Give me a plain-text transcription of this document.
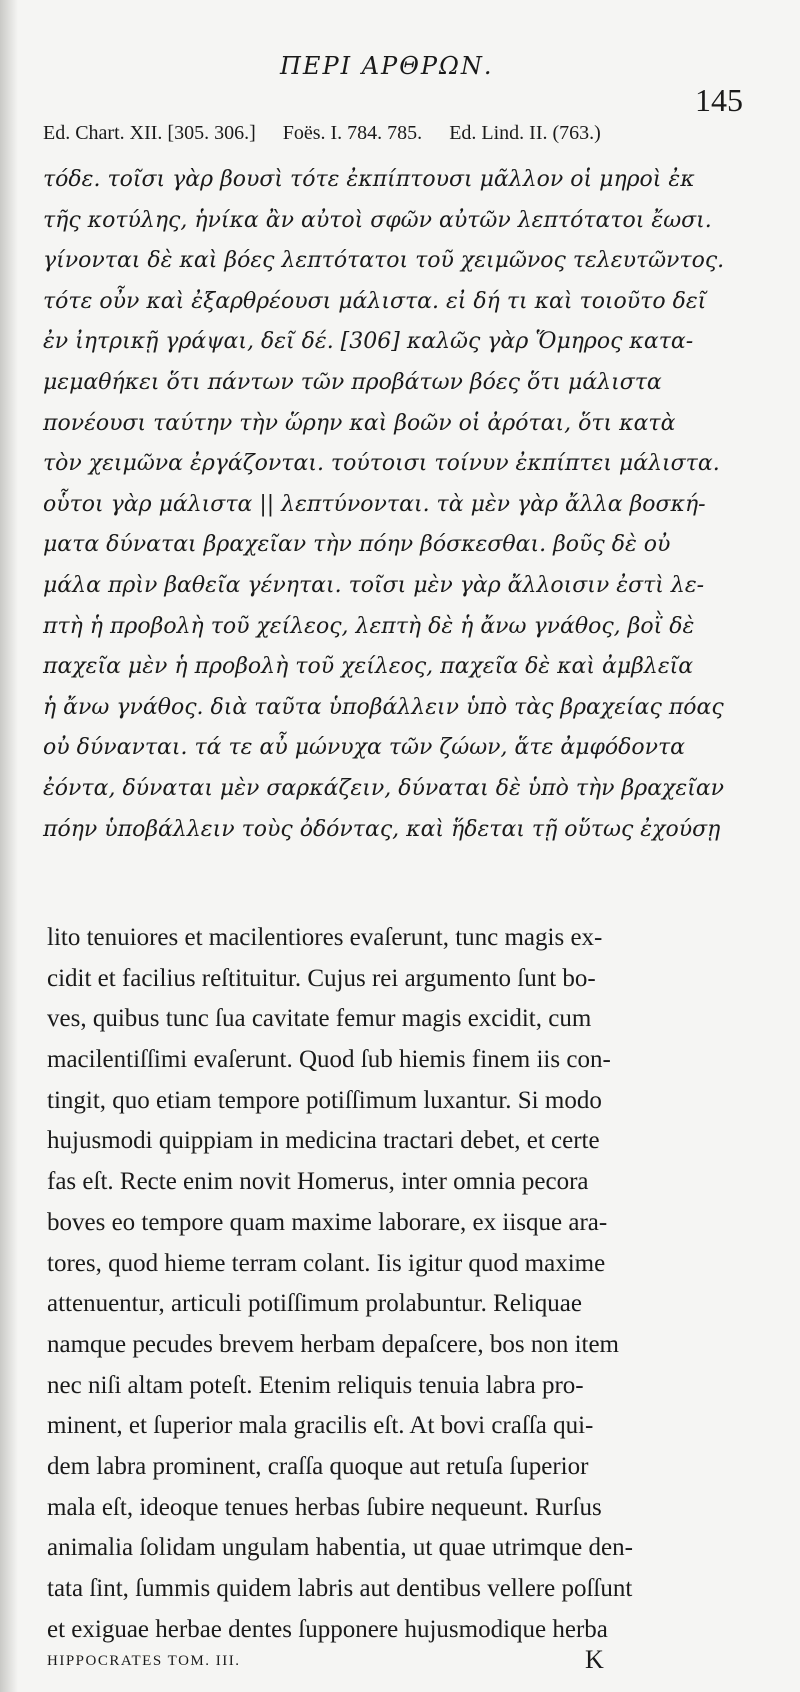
ΠΕΡΙ ΑΡΘΡΩΝ.
145
Ed. Chart. XII. [305. 306.] Foës. I. 784. 785. Ed. Lind. II. (763.)
τόδε. τοῖσι γὰρ βουσὶ τότε ἐκπίπτουσι μᾶλλον οἱ μηροὶ ἐκ
τῆς κοτύλης, ἡνίκα ἂν αὐτοὶ σφῶν αὐτῶν λεπτότατοι ἔωσι.
γίνονται δὲ καὶ βόες λεπτότατοι τοῦ χειμῶνος τελευτῶντος.
τότε οὖν καὶ ἐξαρθρέουσι μάλιστα. εἰ δή τι καὶ τοιοῦτο δεῖ
ἐν ἰητρικῇ γράψαι, δεῖ δέ. [306] καλῶς γὰρ Ὅμηρος κατα-
μεμαθήκει ὅτι πάντων τῶν προβάτων βόες ὅτι μάλιστα
πονέουσι ταύτην τὴν ὥρην καὶ βοῶν οἱ ἀρόται, ὅτι κατὰ
τὸν χειμῶνα ἐργάζονται. τούτοισι τοίνυν ἐκπίπτει μάλιστα.
οὗτοι γὰρ μάλιστα || λεπτύνονται. τὰ μὲν γὰρ ἄλλα βοσκή-
ματα δύναται βραχεῖαν τὴν πόην βόσκεσθαι. βοῦς δὲ οὐ
μάλα πρὶν βαθεῖα γένηται. τοῖσι μὲν γὰρ ἄλλοισιν ἐστὶ λε-
πτὴ ἡ προβολὴ τοῦ χείλεος, λεπτὴ δὲ ἡ ἄνω γνάθος, βοῒ δὲ
παχεῖα μὲν ἡ προβολὴ τοῦ χείλεος, παχεῖα δὲ καὶ ἀμβλεῖα
ἡ ἄνω γνάθος. διὰ ταῦτα ὑποβάλλειν ὑπὸ τὰς βραχείας πόας
οὐ δύνανται. τά τε αὖ μώνυχα τῶν ζώων, ἅτε ἀμφόδοντα
ἐόντα, δύναται μὲν σαρκάζειν, δύναται δὲ ὑπὸ τὴν βραχεῖαν
πόην ὑποβάλλειν τοὺς ὀδόντας, καὶ ἥδεται τῇ οὕτως ἐχούσῃ
lito tenuiores et macilentiores evaſerunt, tunc magis ex-
cidit et facilius reſtituitur. Cujus rei argumento ſunt bo-
ves, quibus tunc ſua cavitate femur magis excidit, cum
macilentiſſimi evaſerunt. Quod ſub hiemis finem iis con-
tingit, quo etiam tempore potiſſimum luxantur. Si modo
hujusmodi quippiam in medicina tractari debet, et certe
fas eſt. Recte enim novit Homerus, inter omnia pecora
boves eo tempore quam maxime laborare, ex iisque ara-
tores, quod hieme terram colant. Iis igitur quod maxime
attenuentur, articuli potiſſimum prolabuntur. Reliquae
namque pecudes brevem herbam depaſcere, bos non item
nec niſi altam poteſt. Etenim reliquis tenuia labra pro-
minent, et ſuperior mala gracilis eſt. At bovi craſſa qui-
dem labra prominent, craſſa quoque aut retuſa ſuperior
mala eſt, ideoque tenues herbas ſubire nequeunt. Rurſus
animalia ſolidam ungulam habentia, ut quae utrimque den-
tata ſint, ſummis quidem labris aut dentibus vellere poſſunt
et exiguae herbae dentes ſupponere hujusmodique herba
HIPPOCRATES TOM. III.	K
